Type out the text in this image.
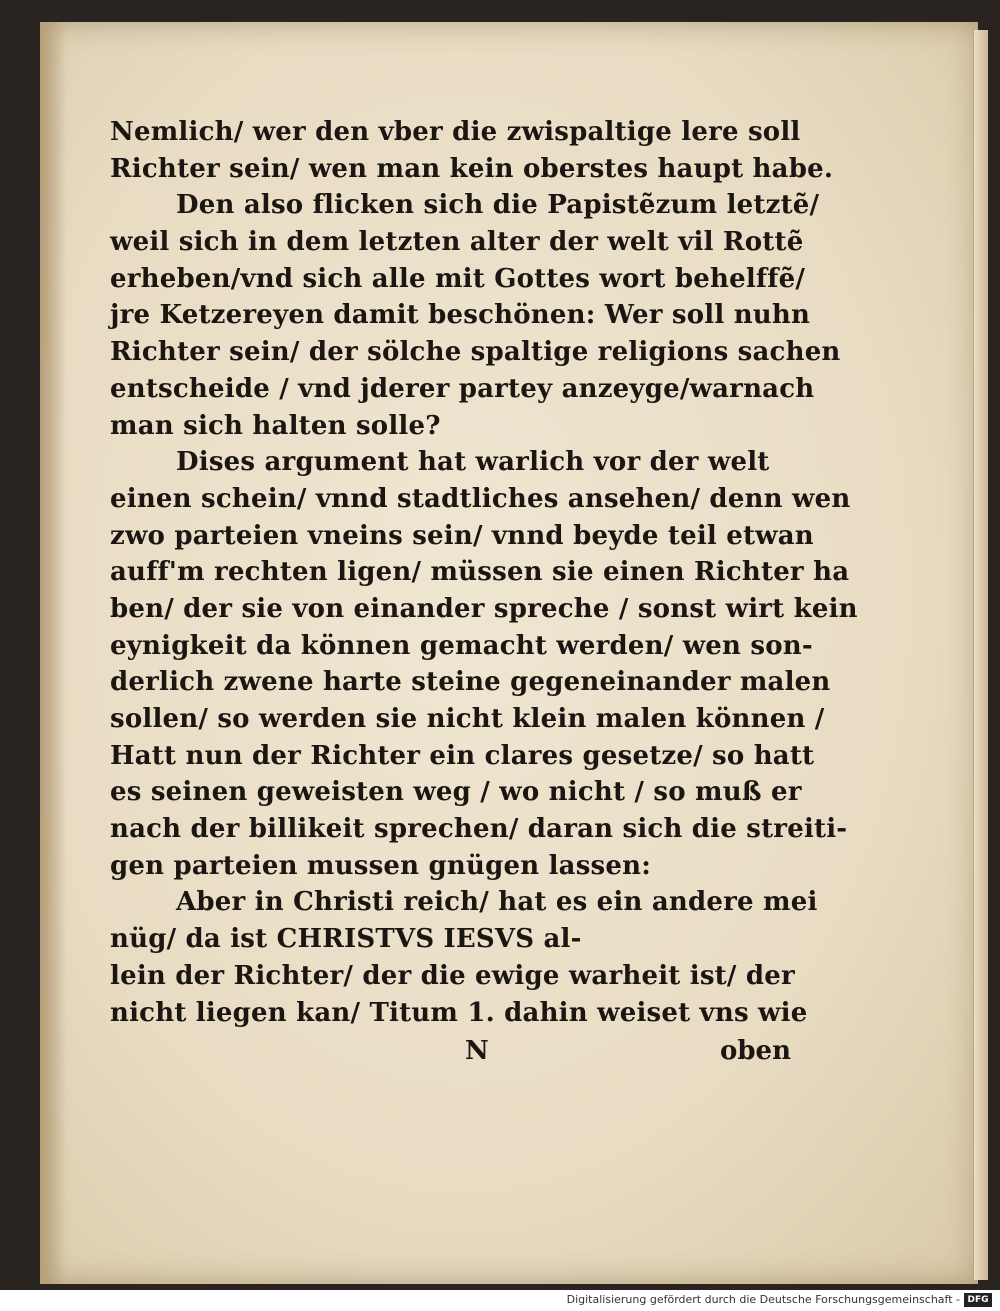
Nemlich/ wer den vber die zwispaltige lere soll
Richter sein/ wen man kein oberstes haupt habe.
Den also flicken sich die Papistẽzum letztẽ/
weil sich in dem letzten alter der welt vil Rottẽ
erheben/vnd sich alle mit Gottes wort behelffẽ/
jre Ketzereyen damit beschönen: Wer soll nuhn
Richter sein/ der sölche spaltige religions sachen
entscheide / vnd jderer partey anzeyge/warnach
man sich halten solle?
Dises argument hat warlich vor der welt
einen schein/ vnnd stadtliches ansehen/ denn wen
zwo parteien vneins sein/ vnnd beyde teil etwan
auff'm rechten ligen/ müssen sie einen Richter ha
ben/ der sie von einander spreche / sonst wirt kein
eynigkeit da können gemacht werden/ wen son-
derlich zwene harte steine gegeneinander malen
sollen/ so werden sie nicht klein malen können /
Hatt nun der Richter ein clares gesetze/ so hatt
es seinen geweisten weg / wo nicht / so muß er
nach der billikeit sprechen/ daran sich die streiti-
gen parteien mussen gnügen lassen:
Aber in Christi reich/ hat es ein andere mei
nüg/ da ist CHRISTVS IESVS al-
lein der Richter/ der die ewige warheit ist/ der
nicht liegen kan/ Titum 1. dahin weiset vns wie
N	oben
Digitalisierung gefördert durch die Deutsche Forschungsgemeinschaft - DFG
